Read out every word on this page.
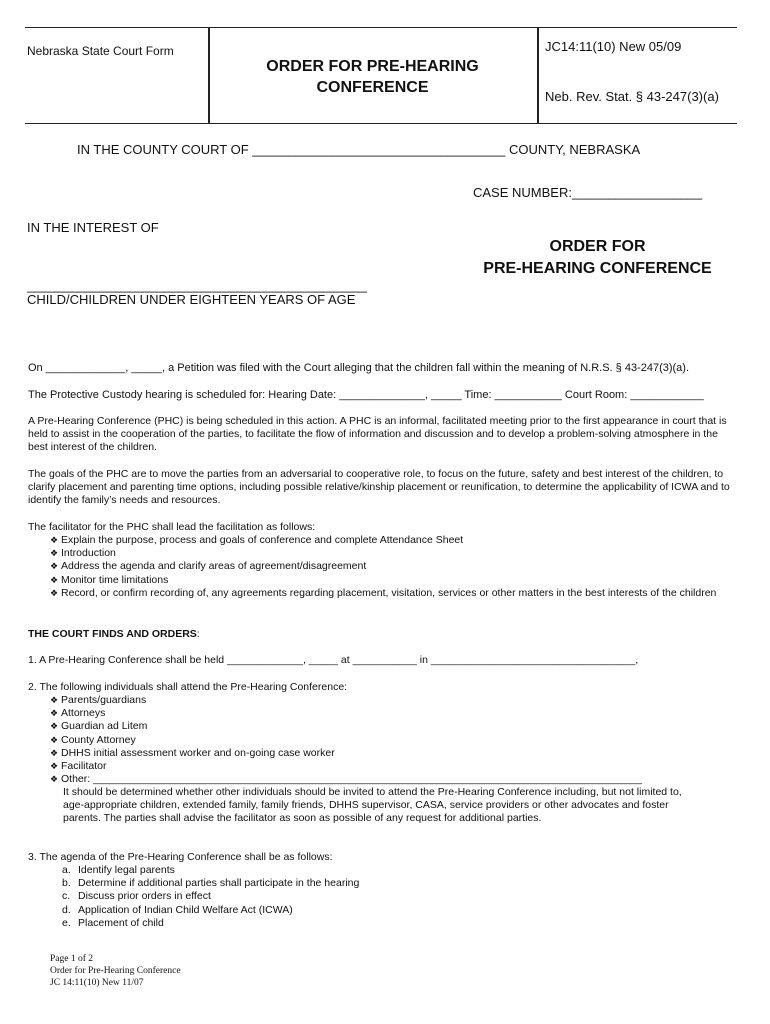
Nebraska State Court Form
ORDER FOR PRE-HEARING
CONFERENCE
JC14:11(10) New 05/09
Neb. Rev. Stat. § 43-247(3)(a)
IN THE COUNTY COURT OF ___________________________________ COUNTY, NEBRASKA
CASE NUMBER:__________________
IN THE INTEREST OF
ORDER FOR
PRE-HEARING CONFERENCE
_______________________________________________
CHILD/CHILDREN UNDER EIGHTEEN YEARS OF AGE
On _____________, _____, a Petition was filed with the Court alleging that the children fall within the meaning of N.R.S. § 43-247(3)(a).
The Protective Custody hearing is scheduled for: Hearing Date: ______________, _____ Time: ___________ Court Room: ____________
A Pre-Hearing Conference (PHC) is being scheduled in this action. A PHC is an informal, facilitated meeting prior to the first appearance in court that is held to assist in the cooperation of the parties, to facilitate the flow of information and discussion and to develop a problem-solving atmosphere in the best interest of the children.
The goals of the PHC are to move the parties from an adversarial to cooperative role, to focus on the future, safety and best interest of the children, to clarify placement and parenting time options, including possible relative/kinship placement or reunification, to determine the applicability of ICWA and to identify the family’s needs and resources.
The facilitator for the PHC shall lead the facilitation as follows:
❖ Explain the purpose, process and goals of conference and complete Attendance Sheet
❖ Introduction
❖ Address the agenda and clarify areas of agreement/disagreement
❖ Monitor time limitations
❖ Record, or confirm recording of, any agreements regarding placement, visitation, services or other matters in the best interests of the children
THE COURT FINDS AND ORDERS:
1. A Pre-Hearing Conference shall be held _____________, _____ at ___________ in ___________________________________,
2. The following individuals shall attend the Pre-Hearing Conference:
❖ Parents/guardians
❖ Attorneys
❖ Guardian ad Litem
❖ County Attorney
❖ DHHS initial assessment worker and on-going case worker
❖ Facilitator
❖ Other: ______________________________________________________________________________________________
It should be determined whether other individuals should be invited to attend the Pre-Hearing Conference including, but not limited to, age-appropriate children, extended family, family friends, DHHS supervisor, CASA, service providers or other advocates and foster parents. The parties shall advise the facilitator as soon as possible of any request for additional parties.
3. The agenda of the Pre-Hearing Conference shall be as follows:
a. Identify legal parents
b. Determine if additional parties shall participate in the hearing
c. Discuss prior orders in effect
d. Application of Indian Child Welfare Act (ICWA)
e. Placement of child
Page 1 of 2
Order for Pre-Hearing Conference
JC 14:11(10) New 11/07
